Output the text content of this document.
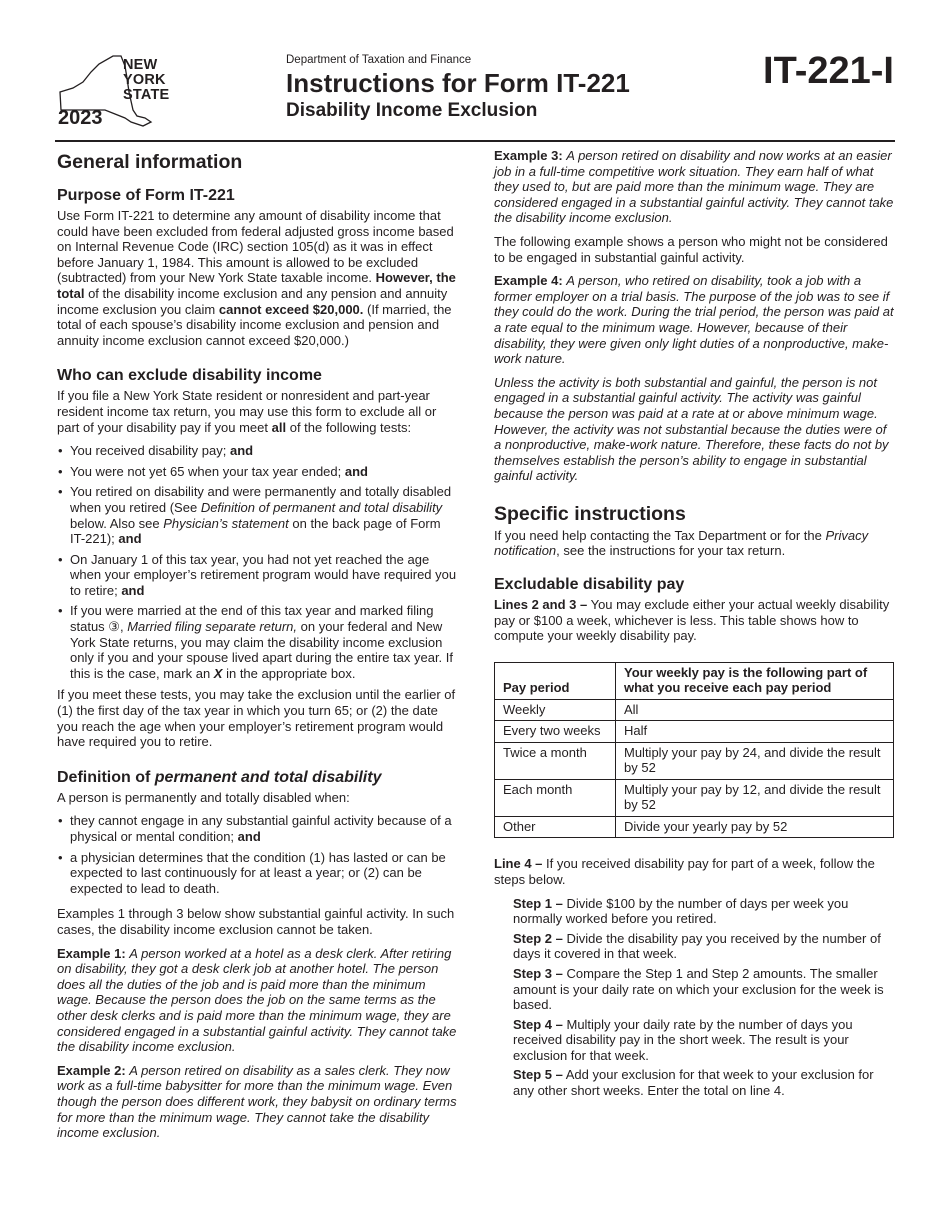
NEW
YORK
STATE
2023
Department of Taxation and Finance
Instructions for Form IT-221
Disability Income Exclusion
IT-221-I
General information
Purpose of Form IT-221

Use Form IT-221 to determine any amount of disability income that could have been excluded from federal adjusted gross income based on Internal Revenue Code (IRC) section 105(d) as it was in effect before January 1, 1984. This amount is allowed to be excluded (subtracted) from your New York State taxable income. However, the total of the disability income exclusion and any pension and annuity income exclusion you claim cannot exceed $20,000. (If married, the total of each spouse’s disability income exclusion and pension and annuity income exclusion cannot exceed $20,000.)

Who can exclude disability income

If you file a New York State resident or nonresident and part-year resident income tax return, you may use this form to exclude all or part of your disability pay if you meet all of the following tests:

• You received disability pay; and
• You were not yet 65 when your tax year ended; and
• You retired on disability and were permanently and totally disabled when you retired (See Definition of permanent and total disability below. Also see Physician’s statement on the back page of Form IT-221); and
• On January 1 of this tax year, you had not yet reached the age when your employer’s retirement program would have required you to retire; and
• If you were married at the end of this tax year and marked filing status ③, Married filing separate return, on your federal and New York State returns, you may claim the disability income exclusion only if you and your spouse lived apart during the entire tax year. If this is the case, mark an X in the appropriate box.

If you meet these tests, you may take the exclusion until the earlier of (1) the first day of the tax year in which you turn 65; or (2) the date you reach the age when your employer’s retirement program would have required you to retire.

Definition of permanent and total disability

A person is permanently and totally disabled when:

• they cannot engage in any substantial gainful activity because of a physical or mental condition; and
• a physician determines that the condition (1) has lasted or can be expected to last continuously for at least a year; or (2) can be expected to lead to death.

Examples 1 through 3 below show substantial gainful activity. In such cases, the disability income exclusion cannot be taken.

Example 1: A person worked at a hotel as a desk clerk. After retiring on disability, they got a desk clerk job at another hotel. The person does all the duties of the job and is paid more than the minimum wage. Because the person does the job on the same terms as the other desk clerks and is paid more than the minimum wage, they are considered engaged in a substantial gainful activity. They cannot take the disability income exclusion.

Example 2: A person retired on disability as a sales clerk. They now work as a full-time babysitter for more than the minimum wage. Even though the person does different work, they babysit on ordinary terms for more than the minimum wage. They cannot take the disability income exclusion.

Example 3: A person retired on disability and now works at an easier job in a full-time competitive work situation. They earn half of what they used to, but are paid more than the minimum wage. They are considered engaged in a substantial gainful activity. They cannot take the disability income exclusion.

The following example shows a person who might not be considered to be engaged in substantial gainful activity.

Example 4: A person, who retired on disability, took a job with a former employer on a trial basis. The purpose of the job was to see if they could do the work. During the trial period, the person was paid at a rate equal to the minimum wage. However, because of their disability, they were given only light duties of a nonproductive, make-work nature.

Unless the activity is both substantial and gainful, the person is not engaged in a substantial gainful activity. The activity was gainful because the person was paid at a rate at or above minimum wage. However, the activity was not substantial because the duties were of a nonproductive, make-work nature. Therefore, these facts do not by themselves establish the person’s ability to engage in substantial gainful activity.

Specific instructions

If you need help contacting the Tax Department or for the Privacy notification, see the instructions for your tax return.

Excludable disability pay

Lines 2 and 3 – You may exclude either your actual weekly disability pay or $100 a week, whichever is less. This table shows how to compute your weekly disability pay.

Pay period	Your weekly pay is the following part of what you receive each pay period
Weekly	All
Every two weeks	Half
Twice a month	Multiply your pay by 24, and divide the result by 52
Each month	Multiply your pay by 12, and divide the result by 52
Other	Divide your yearly pay by 52

Line 4 – If you received disability pay for part of a week, follow the steps below.

Step 1 – Divide $100 by the number of days per week you normally worked before you retired.

Step 2 – Divide the disability pay you received by the number of days it covered in that week.

Step 3 – Compare the Step 1 and Step 2 amounts. The smaller amount is your daily rate on which your exclusion for the week is based.

Step 4 – Multiply your daily rate by the number of days you received disability pay in the short week. The result is your exclusion for that week.

Step 5 – Add your exclusion for that week to your exclusion for any other short weeks. Enter the total on line 4.
